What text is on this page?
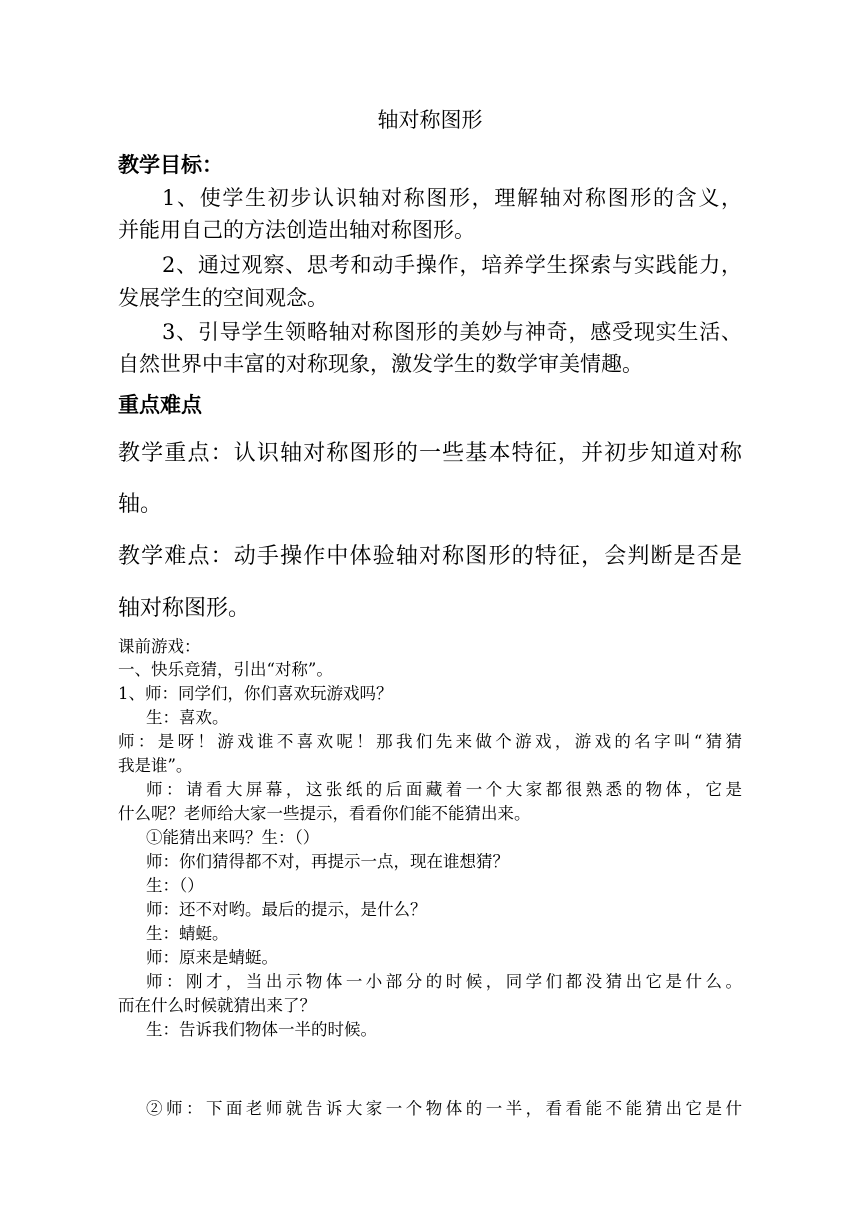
轴对称图形
教学目标：
1、使学生初步认识轴对称图形，理解轴对称图形的含义，
并能用自己的方法创造出轴对称图形。
2、通过观察、思考和动手操作，培养学生探索与实践能力，
发展学生的空间观念。
3、引导学生领略轴对称图形的美妙与神奇，感受现实生活、
自然世界中丰富的对称现象，激发学生的数学审美情趣。
重点难点
教学重点：认识轴对称图形的一些基本特征，并初步知道对称
轴。
教学难点：动手操作中体验轴对称图形的特征，会判断是否是
轴对称图形。
课前游戏：
一、快乐竞猜，引出“对称”。
1、师：同学们，你们喜欢玩游戏吗？
生：喜欢。
师：是呀！游戏谁不喜欢呢！那我们先来做个游戏，游戏的名字叫“猜猜
我是谁”。
师：请看大屏幕，这张纸的后面藏着一个大家都很熟悉的物体，它是
什么呢？老师给大家一些提示，看看你们能不能猜出来。
①能猜出来吗？生：（）
师：你们猜得都不对，再提示一点，现在谁想猜？
生：（）
师：还不对哟。最后的提示，是什么？
生：蜻蜓。
师：原来是蜻蜓。
师：刚才，当出示物体一小部分的时候，同学们都没猜出它是什么。
而在什么时候就猜出来了？
生：告诉我们物体一半的时候。
②师：下面老师就告诉大家一个物体的一半，看看能不能猜出它是什
